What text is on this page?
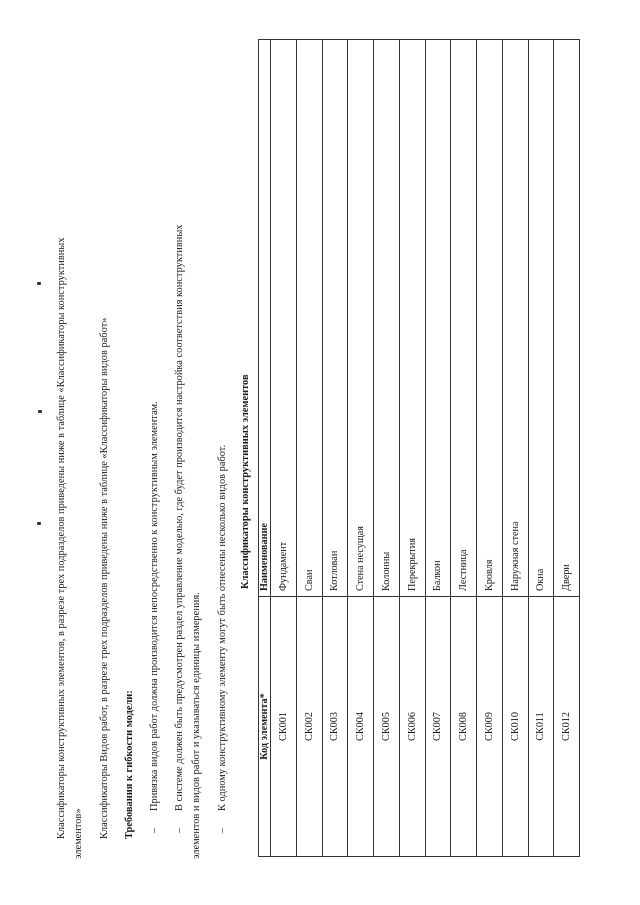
Классификаторы конструктивных элементов, в разрезе трех подразделов приведены ниже в таблице «Классификаторы конструктивных элементов» Классификаторы Видов работ, в разрезе трех подразделов приведены ниже в таблице «Классификаторы видов работ» Требования к гибкости модели: –Привязка видов работ должна производится непосредственно к конструктивным элементам.
–В системе должен быть предусмотрен раздел управление моделью, где будет производится настройка соответствия конструктивных элементов и видов работ и указываться единицы измерения. –К одному конструктивному элементу могут быть отнесены несколько видов работ. Классификаторы конструктивных элементов
Код элемента*	Наименование
СК001	Фундамент
СК002	Сваи
СК003	Котлован
СК004	Стена несущая
СК005	Колонны
СК006	Перекрытия
СК007	Балкон
СК008	Лестница
СК009	Кровля
СК010	Наружная стена
СК011	Окна
СК012	Двери
